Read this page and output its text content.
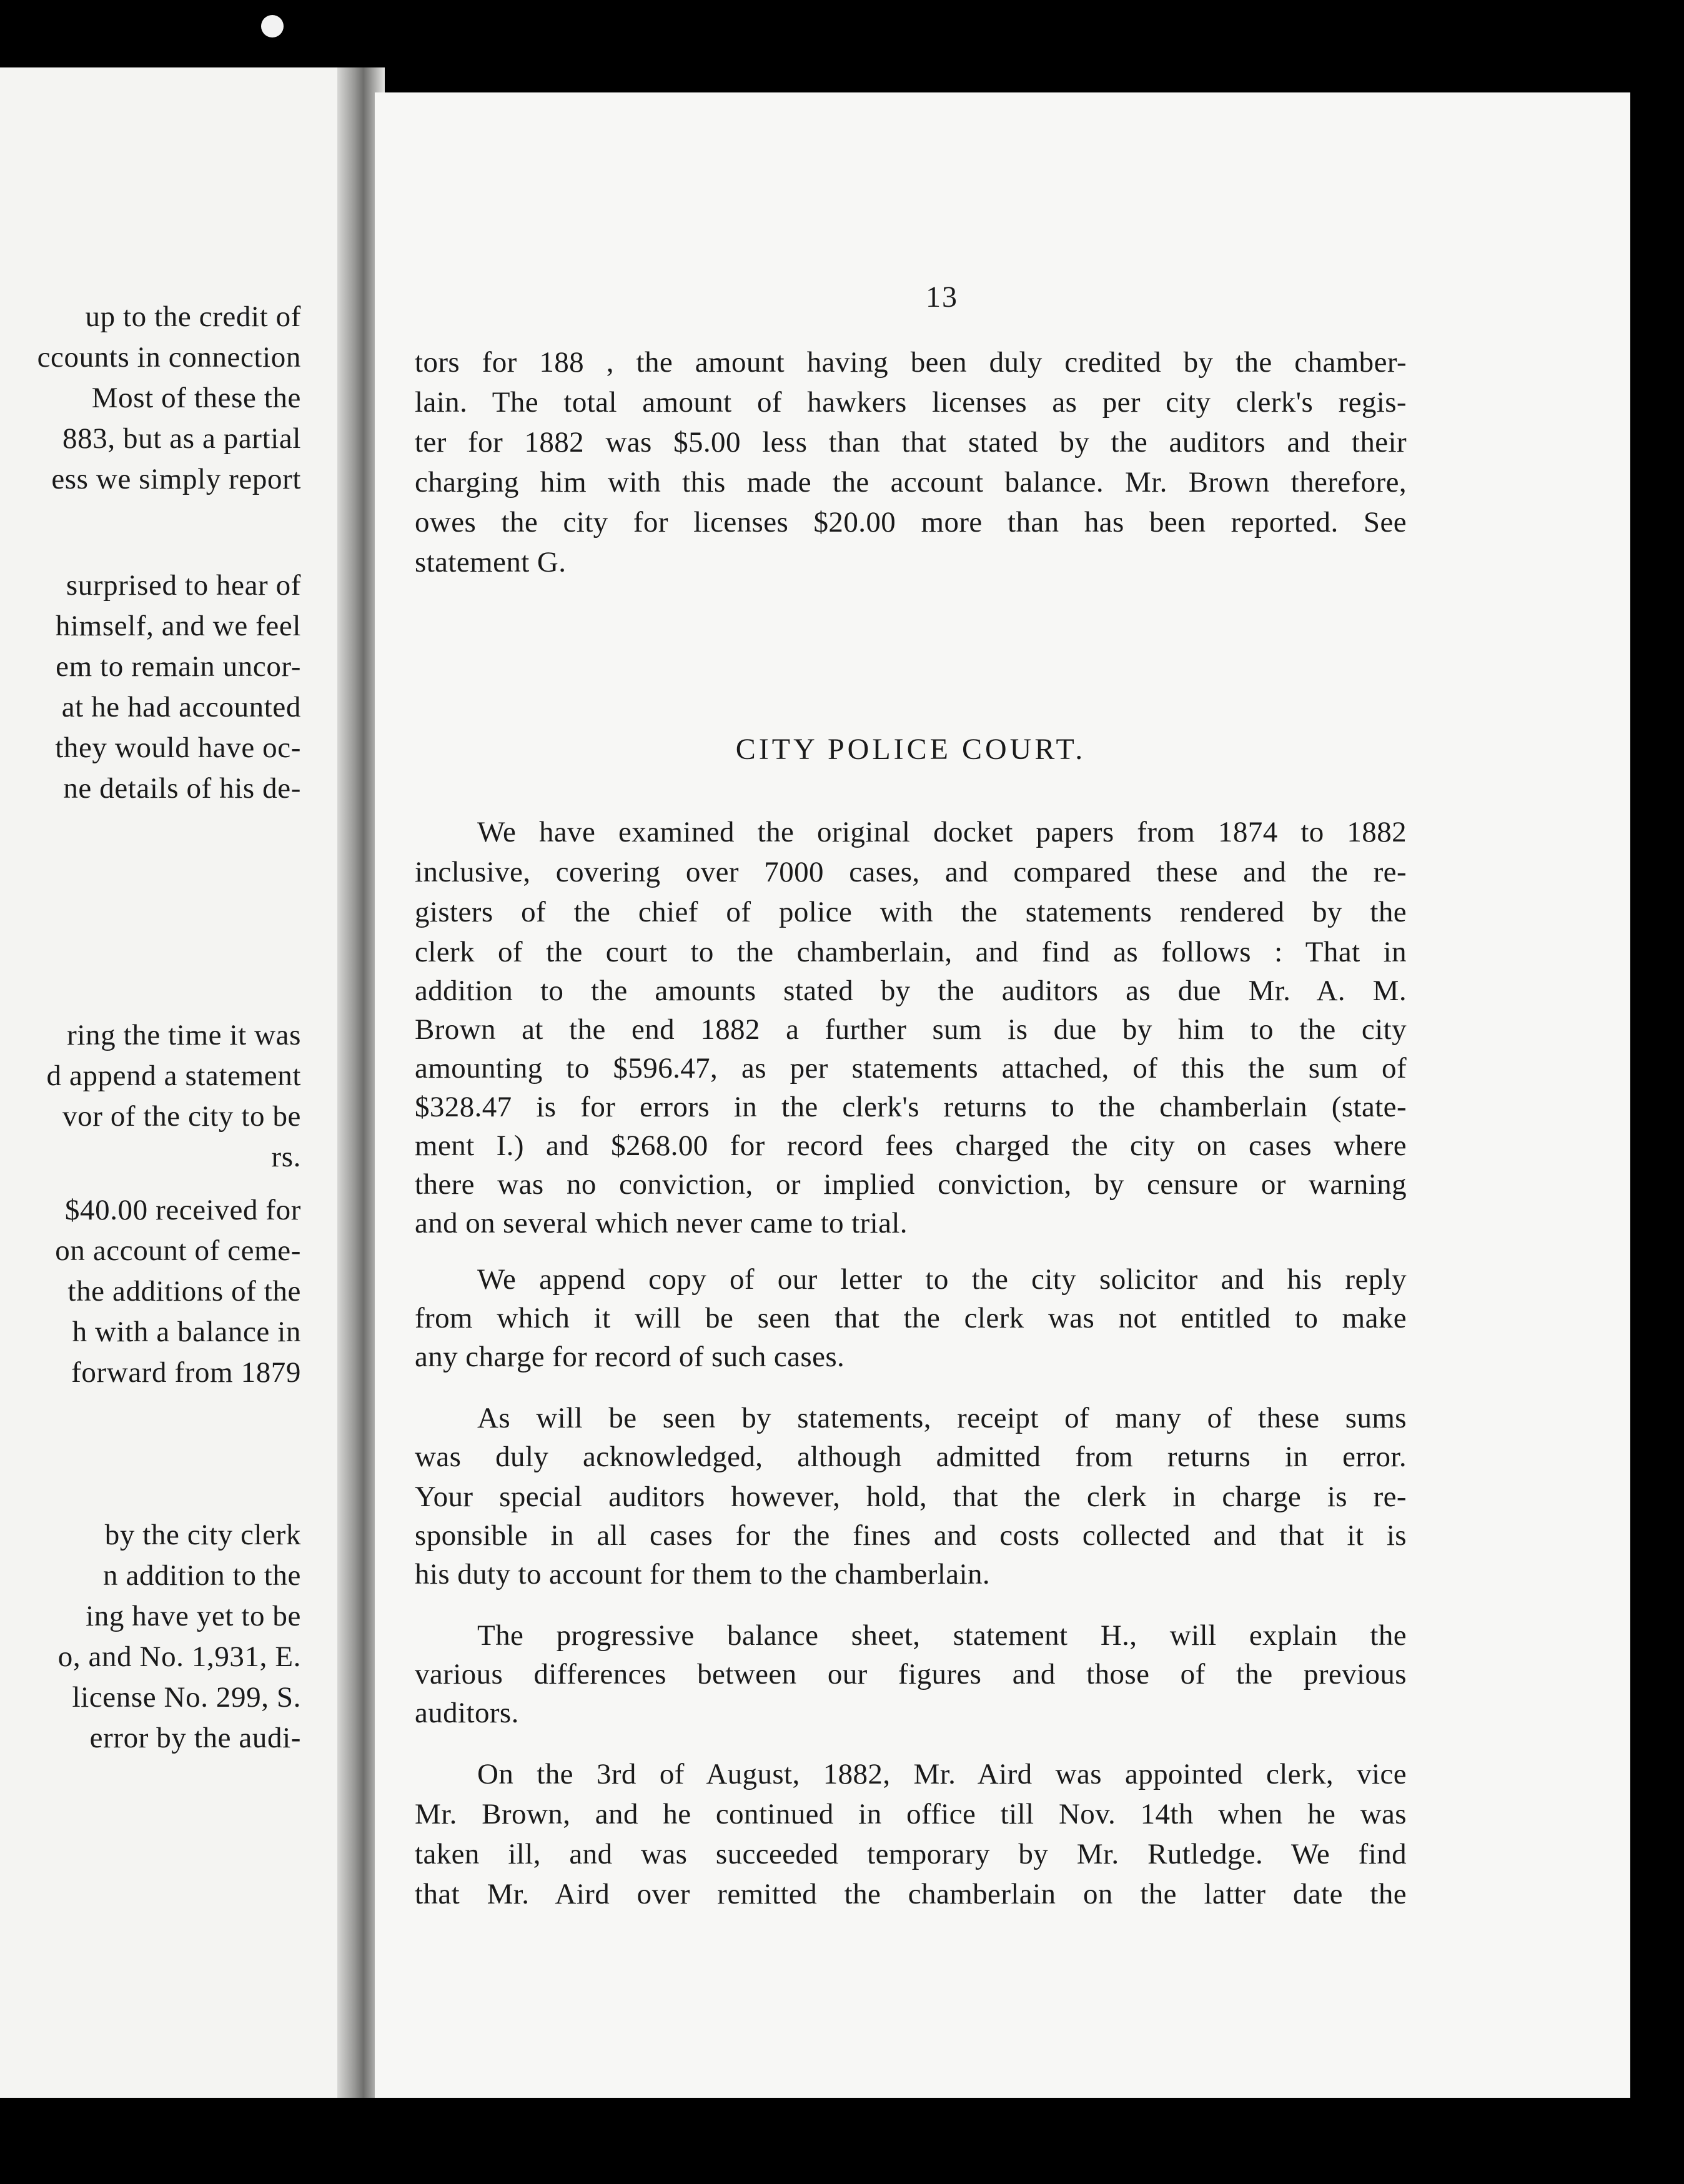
up to the credit of
ccounts in connection
Most of these the
883, but as a partial
ess we simply report
surprised to hear of
himself, and we feel
em to remain uncor-
at he had accounted
they would have oc-
ne details of his de-
ring the time it was
d append a statement
vor of the city to be
rs.
$40.00 received for
on account of ceme-
the additions of the
h with a balance in
forward from 1879
by the city clerk
n addition to the
ing have yet to be
o, and No. 1,931, E.
license No. 299, S.
error by the audi-
13
CITY POLICE COURT.
tors for 188 , the amount having been duly credited by the chamber-
lain. The total amount of hawkers licenses as per city clerk's regis-
ter for 1882 was $5.00 less than that stated by the auditors and their
charging him with this made the account balance. Mr. Brown therefore,
owes the city for licenses $20.00 more than has been reported. See
statement G.
We have examined the original docket papers from 1874 to 1882
inclusive, covering over 7000 cases, and compared these and the re-
gisters of the chief of police with the statements rendered by the
clerk of the court to the chamberlain, and find as follows : That in
addition to the amounts stated by the auditors as due Mr. A. M.
Brown at the end 1882 a further sum is due by him to the city
amounting to $596.47, as per statements attached, of this the sum of
$328.47 is for errors in the clerk's returns to the chamberlain (state-
ment I.) and $268.00 for record fees charged the city on cases where
there was no conviction, or implied conviction, by censure or warning
and on several which never came to trial.
We append copy of our letter to the city solicitor and his reply
from which it will be seen that the clerk was not entitled to make
any charge for record of such cases.
As will be seen by statements, receipt of many of these sums
was duly acknowledged, although admitted from returns in error.
Your special auditors however, hold, that the clerk in charge is re-
sponsible in all cases for the fines and costs collected and that it is
his duty to account for them to the chamberlain.
The progressive balance sheet, statement H., will explain the
various differences between our figures and those of the previous
auditors.
On the 3rd of August, 1882, Mr. Aird was appointed clerk, vice
Mr. Brown, and he continued in office till Nov. 14th when he was
taken ill, and was succeeded temporary by Mr. Rutledge. We find
that Mr. Aird over remitted the chamberlain on the latter date the
